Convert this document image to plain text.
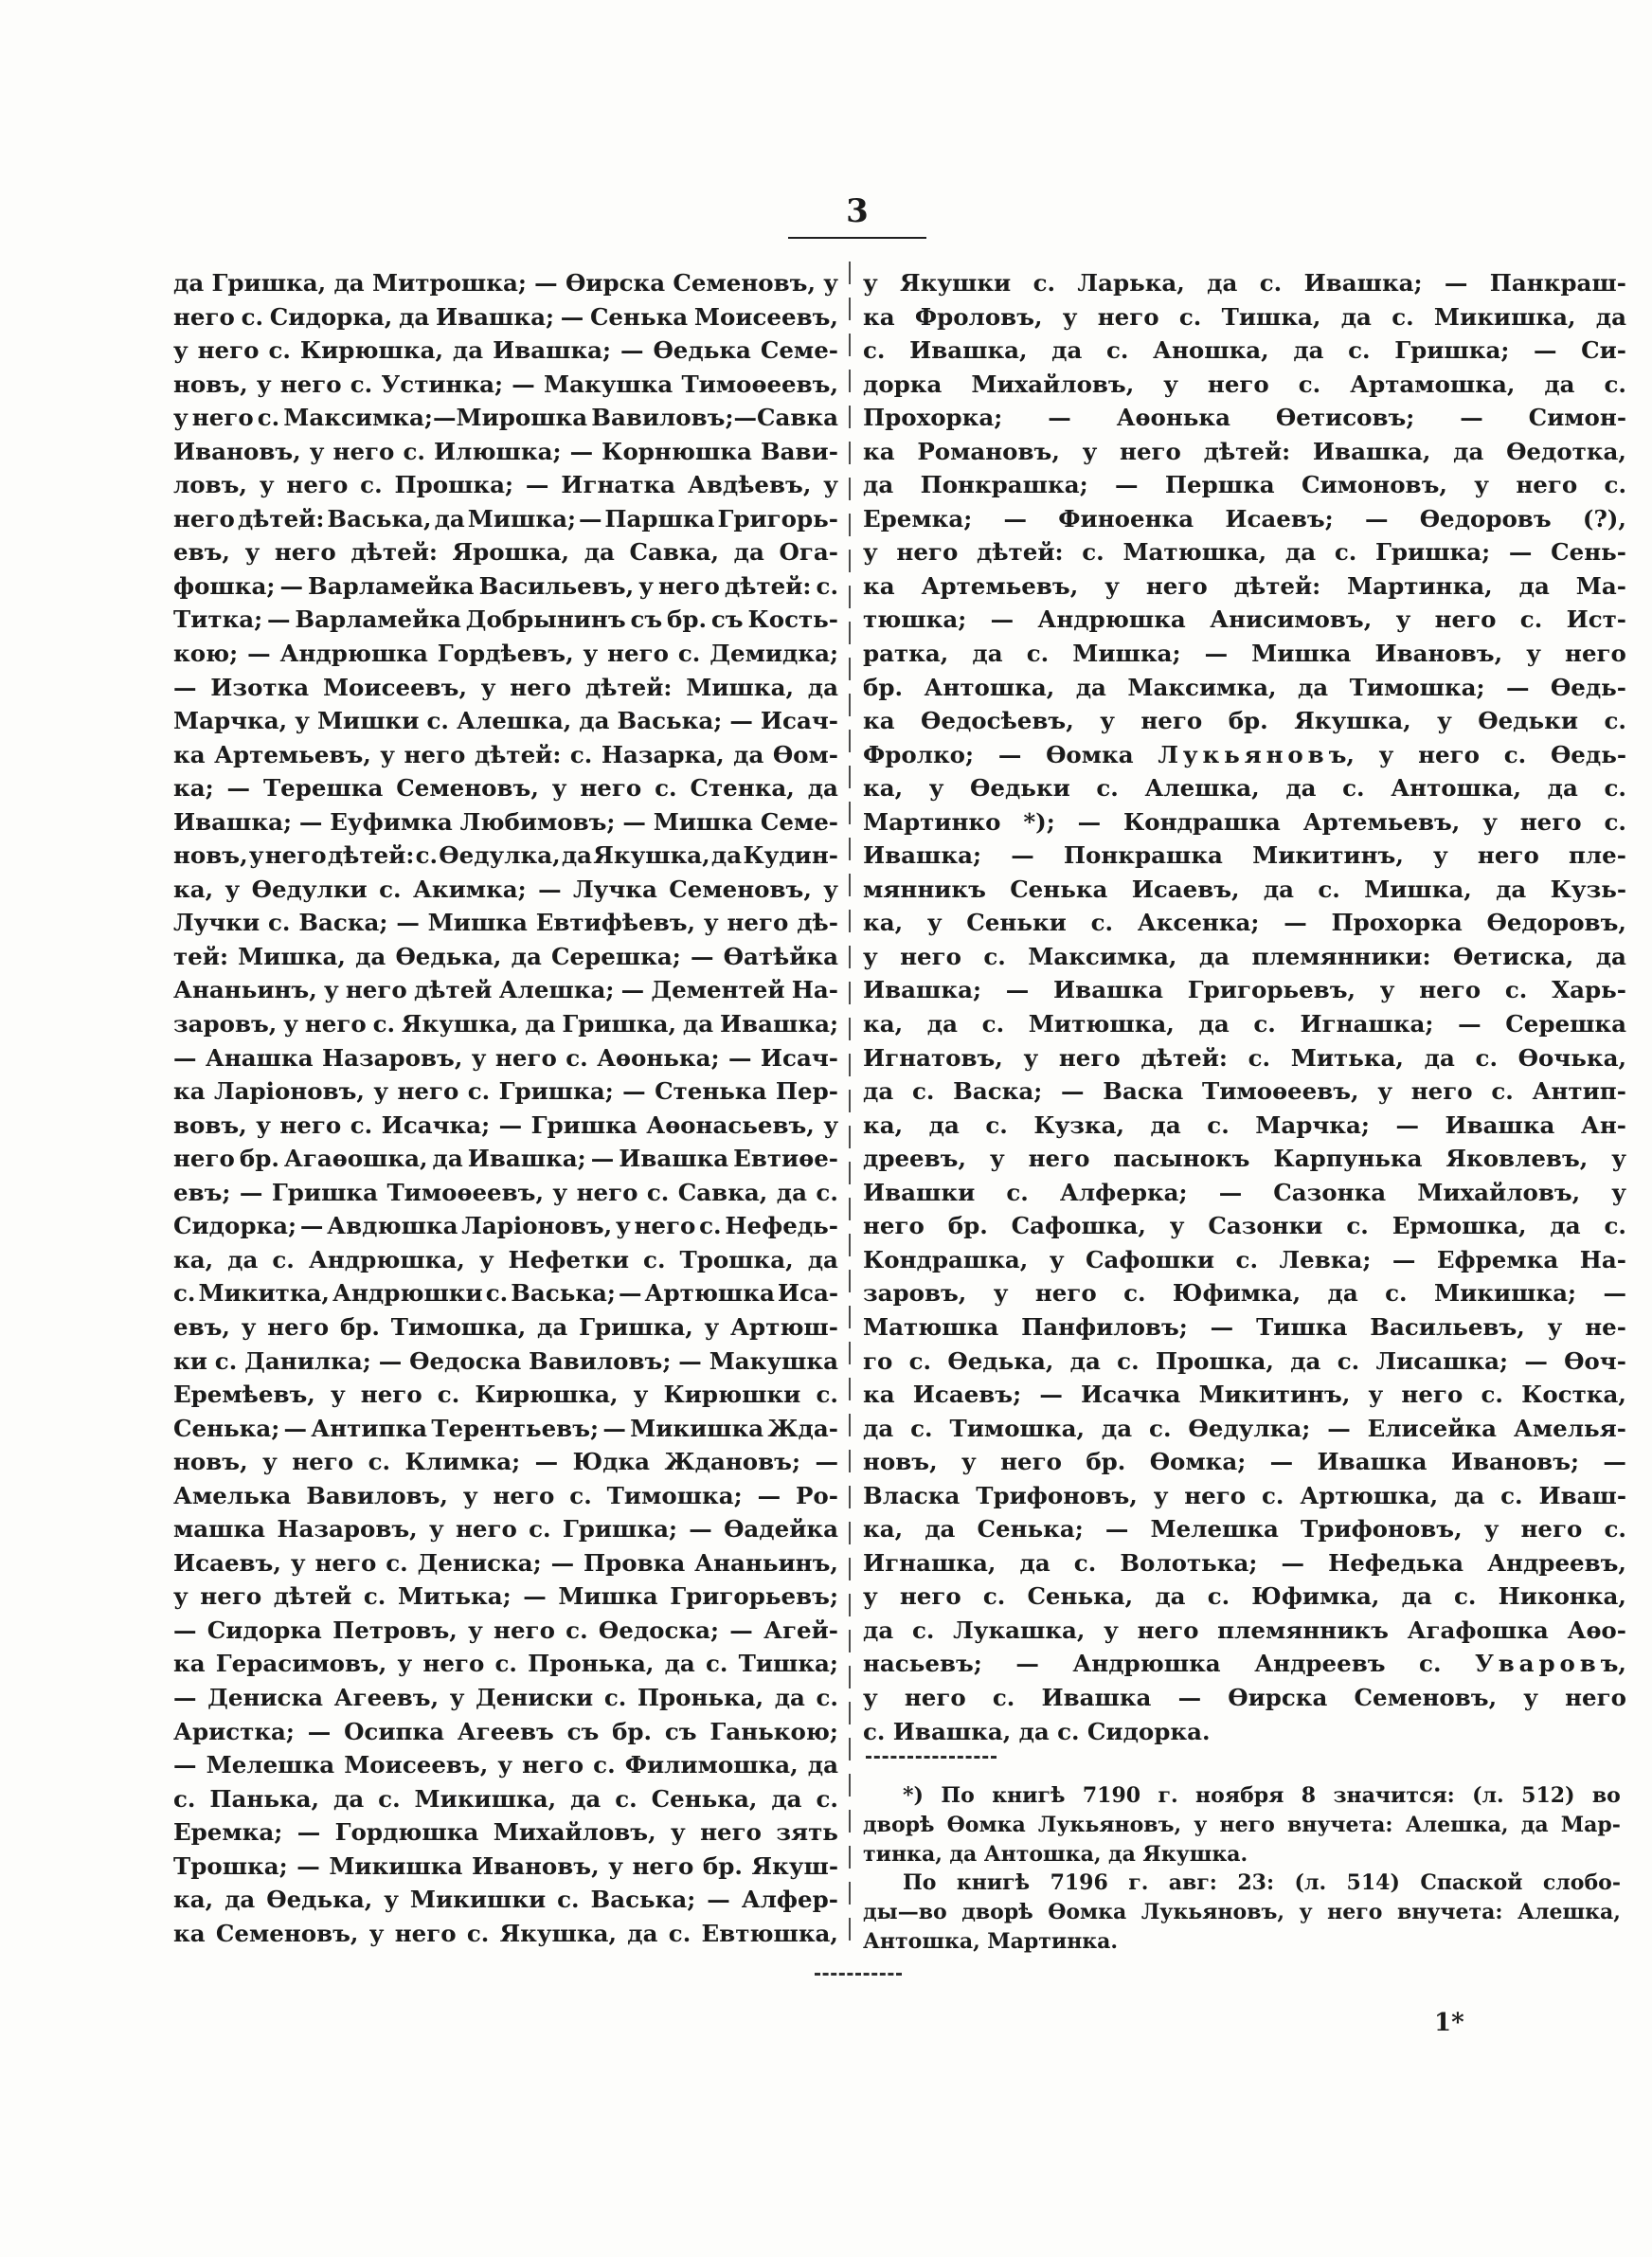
3
да Гришка, да Митрошка; — Ѳирска Семеновъ, у
него с. Сидорка, да Ивашка; — Сенька Моисеевъ,
у него с. Кирюшка, да Ивашка; — Ѳедька Семе-
новъ, у него с. Устинка; — Макушка Тимоѳеевъ,
у него с. Максимка;—Мирошка Вавиловъ;—Савка
Ивановъ, у него с. Илюшка; — Корнюшка Вави-
ловъ, у него с. Прошка; — Игнатка Авдѣевъ, у
него дѣтей: Васька, да Мишка; — Паршка Григорь-
евъ, у него дѣтей: Ярошка, да Савка, да Ога-
фошка; — Варламейка Васильевъ, у него дѣтей: с.
Титка; — Варламейка Добрынинъ съ бр. съ Кость-
кою; — Андрюшка Гордѣевъ, у него с. Демидка;
— Изотка Моисеевъ, у него дѣтей: Мишка, да
Марчка, у Мишки с. Алешка, да Васька; — Исач-
ка Артемьевъ, у него дѣтей: с. Назарка, да Ѳом-
ка; — Терешка Семеновъ, у него с. Стенка, да
Ивашка; — Еуфимка Любимовъ; — Мишка Семе-
новъ, у него дѣтей: с. Ѳедулка, да Якушка, да Кудин-
ка, у Ѳедулки с. Акимка; — Лучка Семеновъ, у
Лучки с. Васка; — Мишка Евтифѣевъ, у него дѣ-
тей: Мишка, да Ѳедька, да Серешка; — Ѳатѣйка
Ананьинъ, у него дѣтей Алешка; — Дементей На-
заровъ, у него с. Якушка, да Гришка, да Ивашка;
— Анашка Назаровъ, у него с. Аѳонька; — Исач-
ка Ларіоновъ, у него с. Гришка; — Стенька Пер-
вовъ, у него с. Исачка; — Гришка Аѳонасьевъ, у
него бр. Агаѳошка, да Ивашка; — Ивашка Евтиѳе-
евъ; — Гришка Тимоѳеевъ, у него с. Савка, да с.
Сидорка; — Авдюшка Ларіоновъ, у него с. Нефедь-
ка, да с. Андрюшка, у Нефетки с. Трошка, да
с. Микитка, Андрюшки с. Васька; — Артюшка Иса-
евъ, у него бр. Тимошка, да Гришка, у Артюш-
ки с. Данилка; — Ѳедоска Вавиловъ; — Макушка
Еремѣевъ, у него с. Кирюшка, у Кирюшки с.
Сенька; — Антипка Терентьевъ; — Микишка Жда-
новъ, у него с. Климка; — Юдка Ждановъ; —
Амелька Вавиловъ, у него с. Тимошка; — Ро-
машка Назаровъ, у него с. Гришка; — Ѳадейка
Исаевъ, у него с. Дениска; — Провка Ананьинъ,
у него дѣтей с. Митька; — Мишка Григорьевъ;
— Сидорка Петровъ, у него с. Ѳедоска; — Агей-
ка Герасимовъ, у него с. Пронька, да с. Тишка;
— Дениска Агеевъ, у Дениски с. Пронька, да с.
Аристка; — Осипка Агеевъ съ бр. съ Ганькою;
— Мелешка Моисеевъ, у него с. Филимошка, да
с. Панька, да с. Микишка, да с. Сенька, да с.
Еремка; — Гордюшка Михайловъ, у него зять
Трошка; — Микишка Ивановъ, у него бр. Якуш-
ка, да Ѳедька, у Микишки с. Васька; — Алфер-
ка Семеновъ, у него с. Якушка, да с. Евтюшка,
у Якушки с. Ларька, да с. Ивашка; — Панкраш-
ка Фроловъ, у него с. Тишка, да с. Микишка, да
с. Ивашка, да с. Аношка, да с. Гришка; — Си-
дорка Михайловъ, у него с. Артамошка, да с.
Прохорка; — Аѳонька Ѳетисовъ; — Симон-
ка Романовъ, у него дѣтей: Ивашка, да Ѳедотка,
да Понкрашка; — Першка Симоновъ, у него с.
Еремка; — Финоенка Исаевъ; — Ѳедоровъ (?),
у него дѣтей: с. Матюшка, да с. Гришка; — Сень-
ка Артемьевъ, у него дѣтей: Мартинка, да Ма-
тюшка; — Андрюшка Анисимовъ, у него с. Ист-
ратка, да с. Мишка; — Мишка Ивановъ, у него
бр. Антошка, да Максимка, да Тимошка; — Ѳедь-
ка Ѳедосѣевъ, у него бр. Якушка, у Ѳедьки с.
Фролко; — Ѳомка Л у к ь я н о в ъ, у него с. Ѳедь-
ка, у Ѳедьки с. Алешка, да с. Антошка, да с.
Мартинко *); — Кондрашка Артемьевъ, у него с.
Ивашка; — Понкрашка Микитинъ, у него пле-
мянникъ Сенька Исаевъ, да с. Мишка, да Кузь-
ка, у Сеньки с. Аксенка; — Прохорка Ѳедоровъ,
у него с. Максимка, да племянники: Ѳетиска, да
Ивашка; — Ивашка Григорьевъ, у него с. Харь-
ка, да с. Митюшка, да с. Игнашка; — Серешка
Игнатовъ, у него дѣтей: с. Митька, да с. Ѳочька,
да с. Васка; — Васка Тимоѳеевъ, у него с. Антип-
ка, да с. Кузка, да с. Марчка; — Ивашка Ан-
дреевъ, у него пасынокъ Карпунька Яковлевъ, у
Ивашки с. Алферка; — Сазонка Михайловъ, у
него бр. Сафошка, у Сазонки с. Ермошка, да с.
Кондрашка, у Сафошки с. Левка; — Ефремка На-
заровъ, у него с. Юфимка, да с. Микишка; —
Матюшка Панфиловъ; — Тишка Васильевъ, у не-
го с. Ѳедька, да с. Прошка, да с. Лисашка; — Ѳоч-
ка Исаевъ; — Исачка Микитинъ, у него с. Костка,
да с. Тимошка, да с. Ѳедулка; — Елисейка Амелья-
новъ, у него бр. Ѳомка; — Ивашка Ивановъ; —
Власка Трифоновъ, у него с. Артюшка, да с. Иваш-
ка, да Сенька; — Мелешка Трифоновъ, у него с.
Игнашка, да с. Волотька; — Нефедька Андреевъ,
у него с. Сенька, да с. Юфимка, да с. Никонка,
да с. Лукашка, у него племянникъ Агафошка Аѳо-
насьевъ; — Андрюшка Андреевъ с. У в а р о в ъ,
у него с. Ивашка — Ѳирска Семеновъ, у него
с. Ивашка, да с. Сидорка.
*) По книгѣ 7190 г. ноября 8 значится: (л. 512) во
дворѣ Ѳомка Лукьяновъ, у него внучета: Алешка, да Мар-
тинка, да Антошка, да Якушка.
По книгѣ 7196 г. авг: 23: (л. 514) Спаской слобо-
ды—во дворѣ Ѳомка Лукьяновъ, у него внучета: Алешка,
Антошка, Мартинка.
1*
